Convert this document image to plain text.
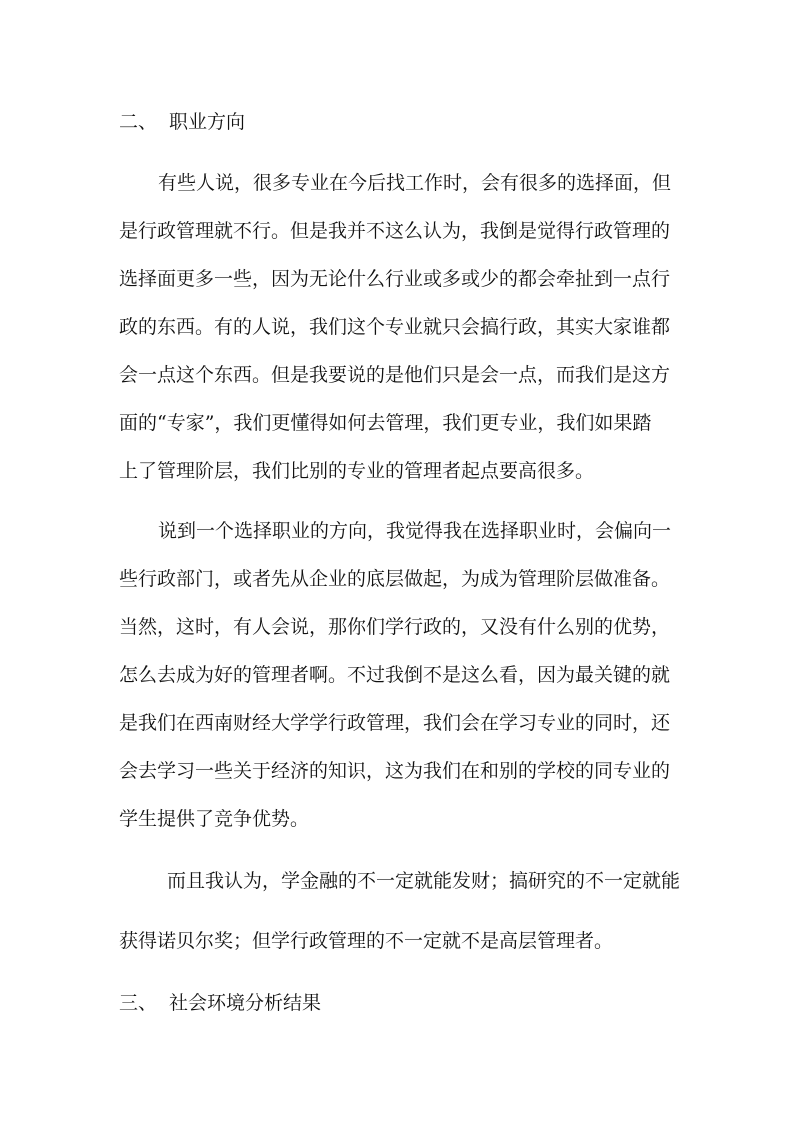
二、 职业方向
有些人说，很多专业在今后找工作时，会有很多的选择面，但
是行政管理就不行。但是我并不这么认为，我倒是觉得行政管理的
选择面更多一些，因为无论什么行业或多或少的都会牵扯到一点行
政的东西。有的人说，我们这个专业就只会搞行政，其实大家谁都
会一点这个东西。但是我要说的是他们只是会一点，而我们是这方
面的“专家”，我们更懂得如何去管理，我们更专业，我们如果踏
上了管理阶层，我们比别的专业的管理者起点要高很多。
说到一个选择职业的方向，我觉得我在选择职业时，会偏向一
些行政部门，或者先从企业的底层做起，为成为管理阶层做准备。
当然，这时，有人会说，那你们学行政的，又没有什么别的优势，
怎么去成为好的管理者啊。不过我倒不是这么看，因为最关键的就
是我们在西南财经大学学行政管理，我们会在学习专业的同时，还
会去学习一些关于经济的知识，这为我们在和别的学校的同专业的
学生提供了竞争优势。
而且我认为，学金融的不一定就能发财；搞研究的不一定就能
获得诺贝尔奖；但学行政管理的不一定就不是高层管理者。
三、 社会环境分析结果
